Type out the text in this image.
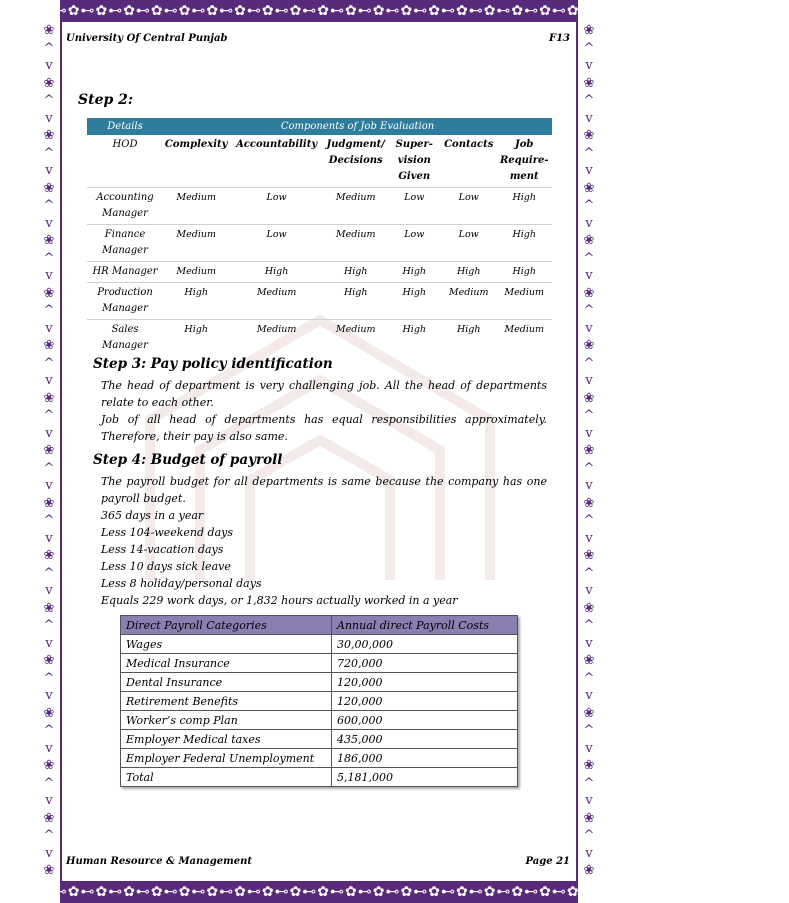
✿⊷✿⊷✿⊷✿⊷✿⊷✿⊷✿⊷✿⊷✿⊷✿⊷✿⊷✿⊷✿⊷✿⊷✿⊷✿⊷✿⊷✿⊷✿⊷✿⊷✿⊷✿⊷✿⊷✿⊷✿⊷✿⊷✿⊷
✿⊷✿⊷✿⊷✿⊷✿⊷✿⊷✿⊷✿⊷✿⊷✿⊷✿⊷✿⊷✿⊷✿⊷✿⊷✿⊷✿⊷✿⊷✿⊷✿⊷✿⊷✿⊷✿⊷✿⊷✿⊷✿⊷✿⊷
❀
^
v
❀
^
v
❀
^
v
❀
^
v
❀
^
v
❀
^
v
❀
^
v
❀
^
v
❀
^
v
❀
^
v
❀
^
v
❀
^
v
❀
^
v
❀
^
v
❀
^
v
❀
^
v
❀
❀
^
v
❀
^
v
❀
^
v
❀
^
v
❀
^
v
❀
^
v
❀
^
v
❀
^
v
❀
^
v
❀
^
v
❀
^
v
❀
^
v
❀
^
v
❀
^
v
❀
^
v
❀
^
v
❀
University Of Central Punjab	F13
Human Resource & Management	Page 21
Step 2:
Details	Components of Job Evaluation					
HOD	Complexity	Accountability	Judgment/ Decisions	Super- vision Given	Contacts	Job Require- ment
Accounting Manager	Medium	Low	Medium	Low	Low	High
Finance Manager	Medium	Low	Medium	Low	Low	High
HR Manager	Medium	High	High	High	High	High
Production Manager	High	Medium	High	High	Medium	Medium
Sales Manager	High	Medium	Medium	High	High	Medium
Step 3: Pay policy identification
The head of department is very challenging job. All the head of departments relate to each other.
Job of all head of departments has equal responsibilities approximately. Therefore, their pay is also same.
Step 4: Budget of payroll
The payroll budget for all departments is same because the company has one payroll budget.
365 days in a year
Less 104-weekend days
Less 14-vacation days
Less 10 days sick leave
Less 8 holiday/personal days
Equals 229 work days, or 1,832 hours actually worked in a year
Direct Payroll Categories	Annual direct Payroll Costs
Wages	30,00,000
Medical Insurance	720,000
Dental Insurance	120,000
Retirement Benefits	120,000
Worker’s comp Plan	600,000
Employer Medical taxes	435,000
Employer Federal Unemployment	186,000
Total	5,181,000
